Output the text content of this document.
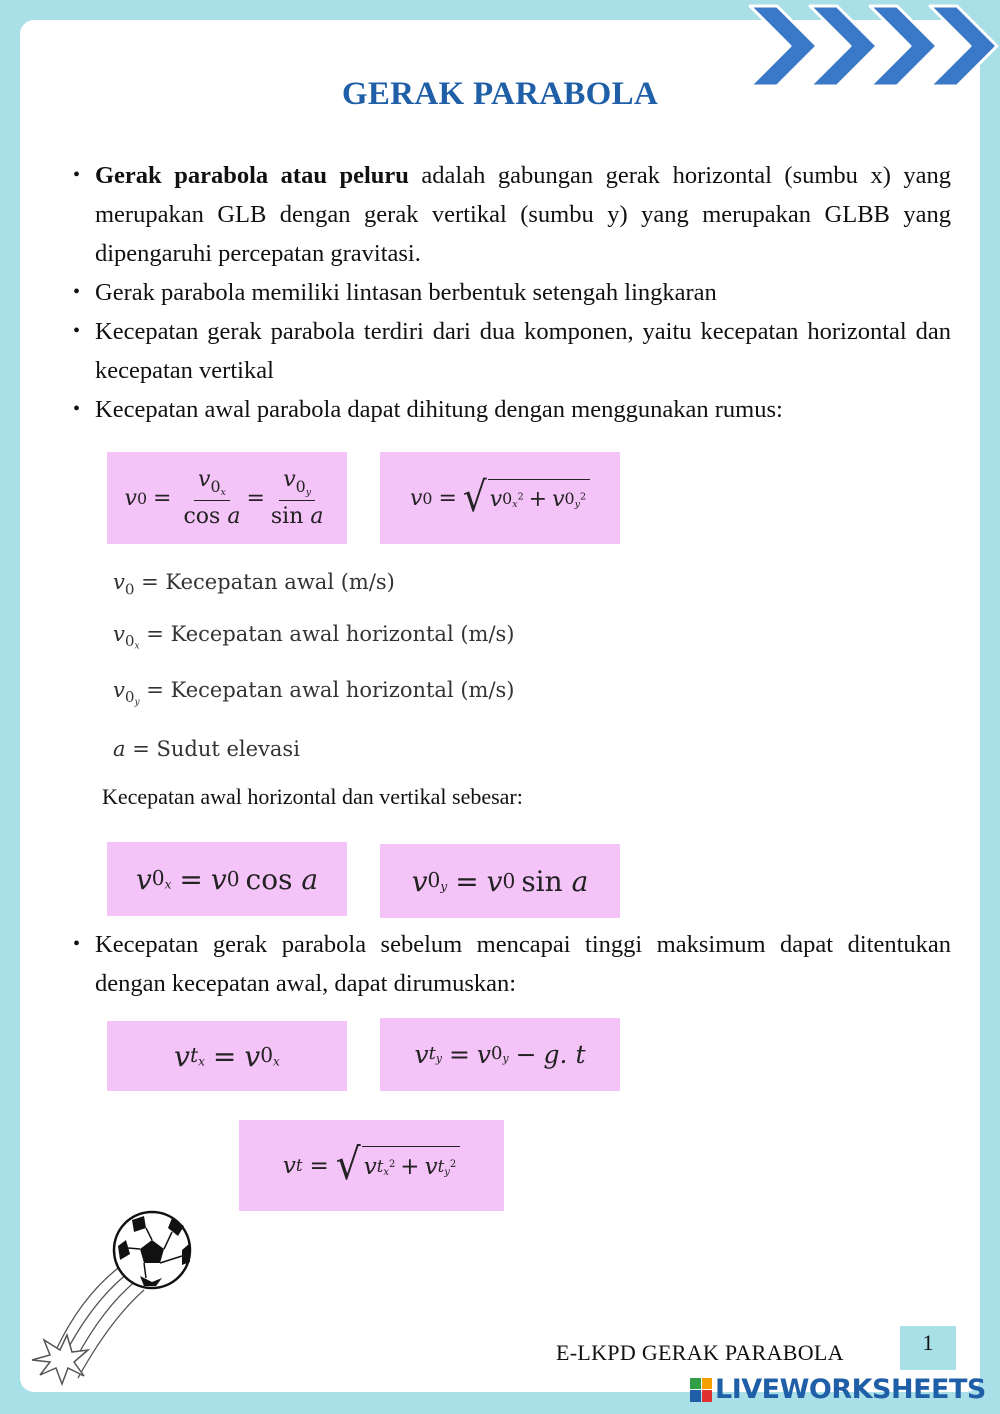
GERAK PARABOLA
• Gerak parabola atau peluru adalah gabungan gerak horizontal (sumbu x) yang merupakan GLB dengan gerak vertikal (sumbu y) yang merupakan GLBB yang dipengaruhi percepatan gravitasi.
• Gerak parabola memiliki lintasan berbentuk setengah lingkaran
• Kecepatan gerak parabola terdiri dari dua komponen, yaitu kecepatan horizontal dan kecepatan vertikal
• Kecepatan awal parabola dapat dihitung dengan menggunakan rumus:
v $0 = \frac{v_{0x}}{\text{cos a}} = \frac{v_{0y}}{\text{sin a}}$	v 0 = √ v $0x^2 + v$ $0y^2$
$v_0$ = Kecepatan awal (m/s)
$v_{0x}$ = Kecepatan awal horizontal (m/s)
$v_{0y}$ = Kecepatan awal horizontal (m/s)
a = Sudut elevasi
Kecepatan awal horizontal dan vertikal sebesar:
v 0x = v 0 cos
a	v 0y = v 0 sin
a
• Kecepatan gerak parabola sebelum mencapai tinggi maksimum dapat ditentukan dengan kecepatan awal, dapat dirumuskan:
v tx = v 0x	v ty = v 0y − g. t
v t = √ v $tx^2 + v$ $ty^2$
E-LKPD GERAK PARABOLA	1
LIVEWORKSHEETS
